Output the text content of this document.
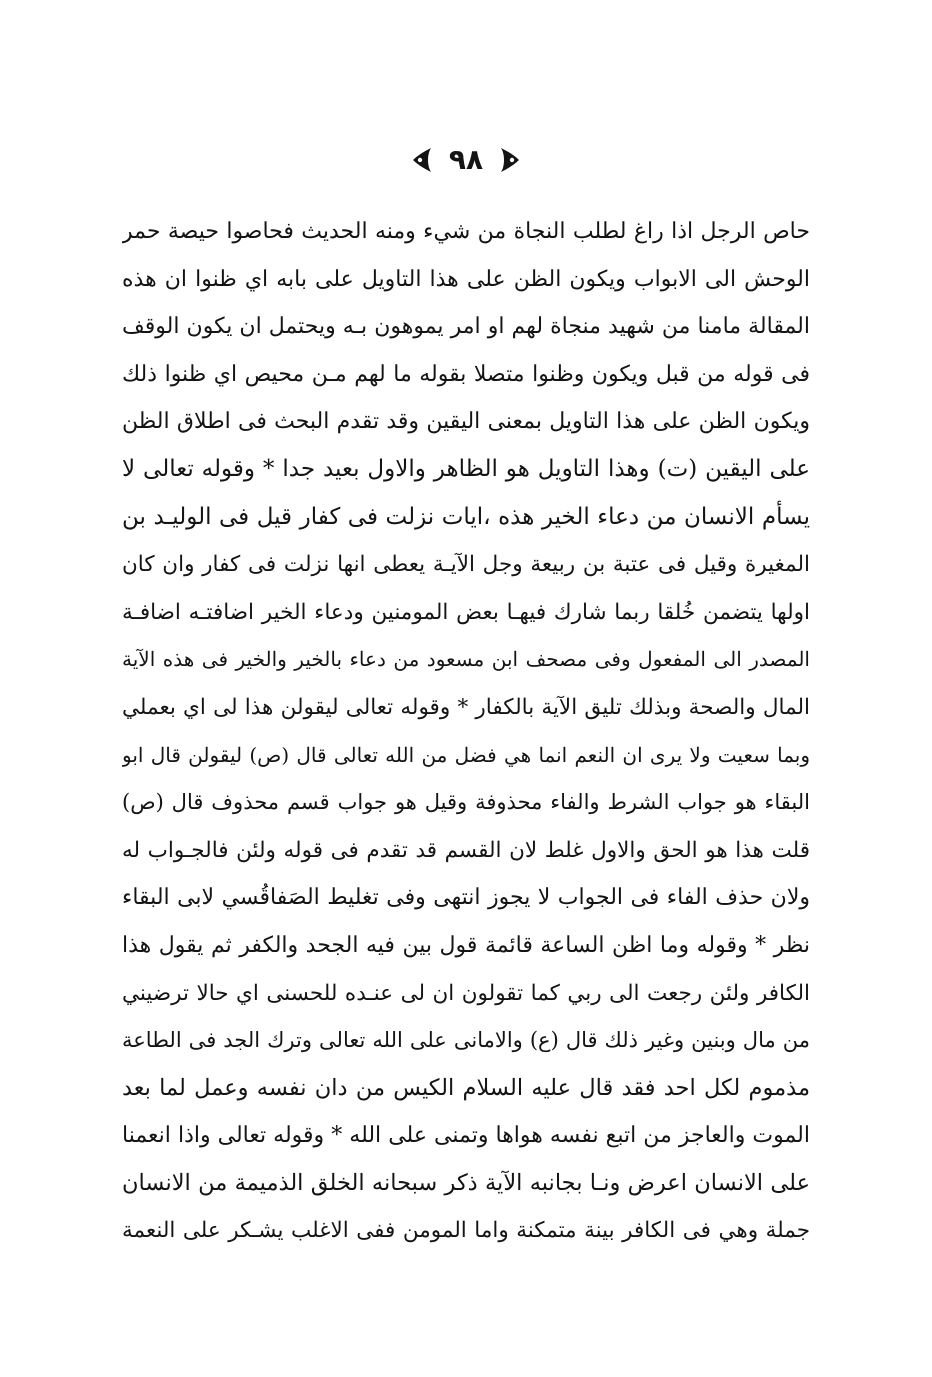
٩٨
حاص الرجل اذا راغ لطلب النجاة من شيء ومنه الحديث فحاصوا حيصة حمر
الوحش الى الابواب ويكون الظن على هذا التاويل على بابه اي ظنوا ان هذه
المقالة مامنا من شهيد منجاة لهم او امر يموهون بـه ويحتمل ان يكون الوقف
فى قوله من قبل ويكون وظنوا متصلا بقوله ما لهم مـن محيص اي ظنوا ذلك
ويكون الظن على هذا التاويل بمعنى اليقين وقد تقدم البحث فى اطلاق الظن
على اليقين (ت) وهذا التاويل هو الظاهر والاول بعيد جدا * وقوله تعالى لا
يسأم الانسان من دعاء الخير هذه ،ايات نزلت فى كفار قيل فى الوليـد بن
المغيرة وقيل فى عتبة بن ربيعة وجل الآيـة يعطى انها نزلت فى كفار وان كان
اولها يتضمن خُلقا ربما شارك فيهـا بعض المومنين ودعاء الخير اضافتـه اضافـة
المصدر الى المفعول وفى مصحف ابن مسعود من دعاء بالخير والخير فى هذه الآية
المال والصحة وبذلك تليق الآية بالكفار * وقوله تعالى ليقولن هذا لى اي بعملي
وبما سعيت ولا يرى ان النعم انما هي فضل من الله تعالى قال (ص) ليقولن قال ابو
البقاء هو جواب الشرط والفاء محذوفة وقيل هو جواب قسم محذوف قال (ص)
قلت هذا هو الحق والاول غلط لان القسم قد تقدم فى قوله ولئن فالجـواب له
ولان حذف الفاء فى الجواب لا يجوز انتهى وفى تغليط الصَفاقُسي لابى البقاء
نظر * وقوله وما اظن الساعة قائمة قول بين فيه الجحد والكفر ثم يقول هذا
الكافر ولئن رجعت الى ربي كما تقولون ان لى عنـده للحسنى اي حالا ترضيني
من مال وبنين وغير ذلك قال (ع) والامانى على الله تعالى وترك الجد فى الطاعة
مذموم لكل احد فقد قال عليه السلام الكيس من دان نفسه وعمل لما بعد
الموت والعاجز من اتبع نفسه هواها وتمنى على الله * وقوله تعالى واذا انعمنا
على الانسان اعرض ونـا بجانبه الآية ذكر سبحانه الخلق الذميمة من الانسان
جملة وهي فى الكافر بينة متمكنة واما المومن ففى الاغلب يشـكر على النعمة
